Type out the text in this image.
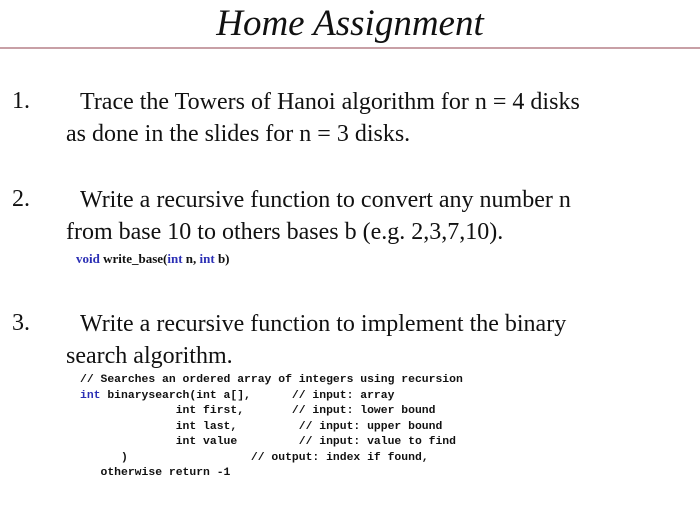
Home Assignment
1.	Trace the Towers of Hanoi algorithm for n = 4 disks
as done in the slides for n = 3 disks.
2.	Write a recursive function to convert any number n
from base 10 to others bases b (e.g. 2,3,7,10).
void write_base(int n, int b)
3.	Write a recursive function to implement the binary
search algorithm.
// Searches an ordered array of integers using recursion
int binarysearch(int a[],      // input: array
int first,       // input: lower bound
int last,         // input: upper bound
int value         // input: value to find
)                  // output: index if found,
otherwise return -1
